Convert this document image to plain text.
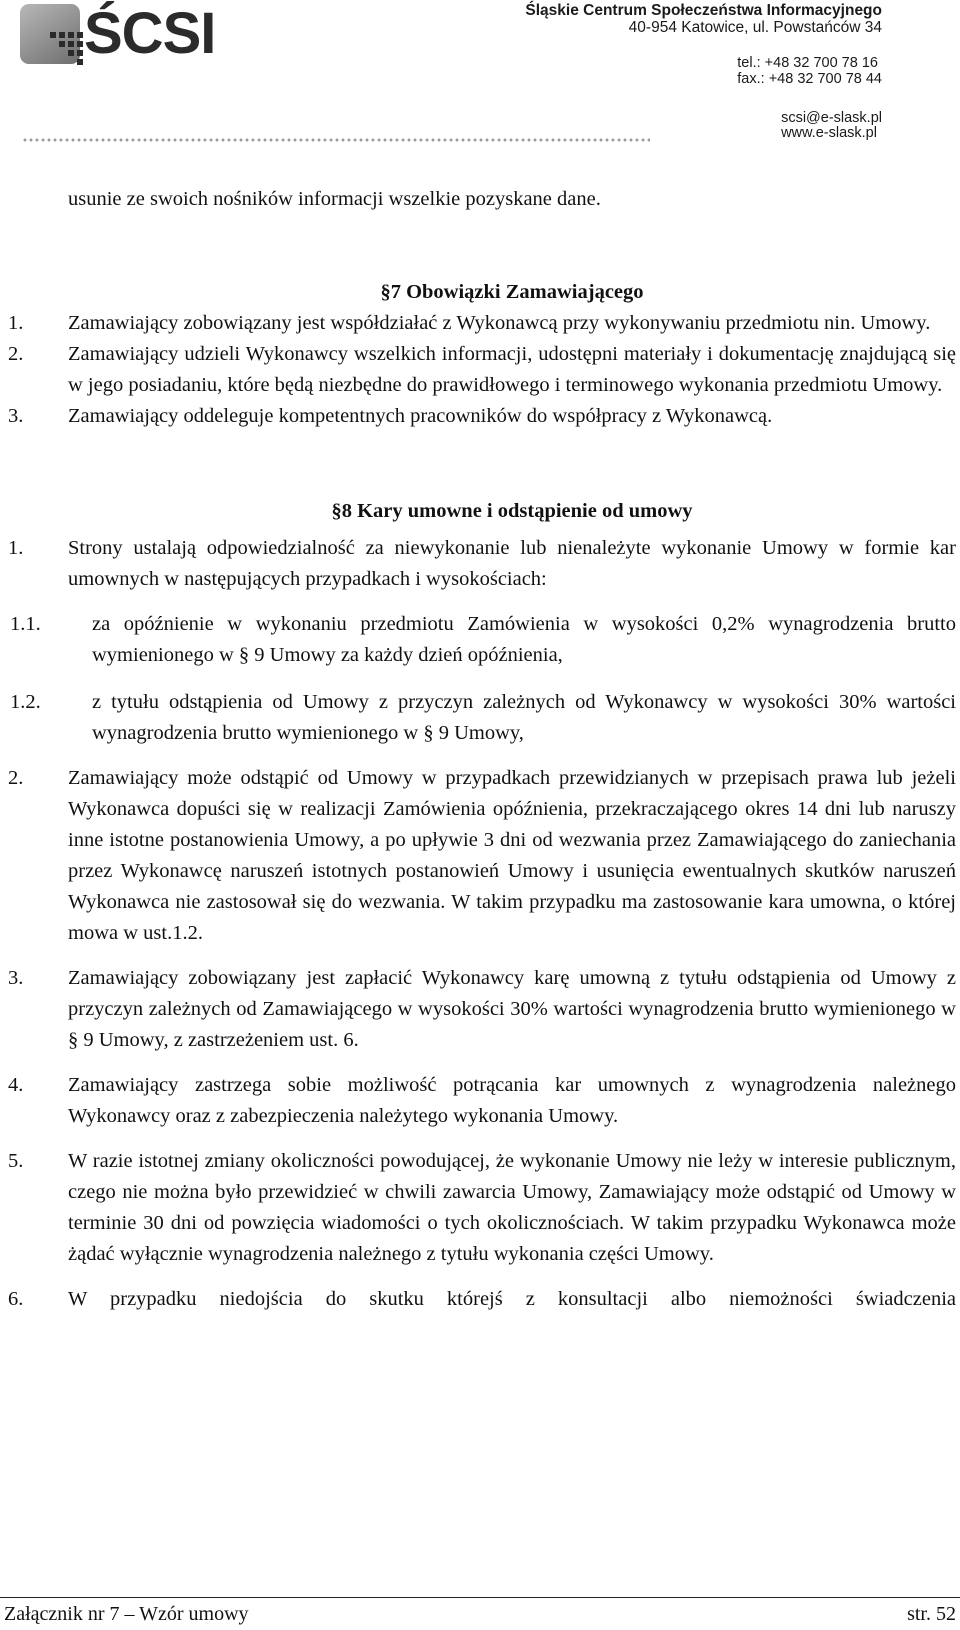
ŚCSI	Śląskie Centrum Społeczeństwa Informacyjnego
40-954 Katowice, ul. Powstańców 34
tel.: +48 32 700 78 16
fax.: +48 32 700 78 44
scsi@e-slask.pl
www.e-slask.pl

usunie ze swoich nośników informacji wszelkie pozyskane dane.

§7 Obowiązki Zamawiającego

1.	Zamawiający zobowiązany jest współdziałać z Wykonawcą przy wykonywaniu przedmiotu nin. Umowy.
2.	Zamawiający udzieli Wykonawcy wszelkich informacji, udostępni materiały i dokumentację znajdującą się w jego posiadaniu, które będą niezbędne do prawidłowego i terminowego wykonania przedmiotu Umowy.
3.	Zamawiający oddeleguje kompetentnych pracowników do współpracy z Wykonawcą.

§8 Kary umowne i odstąpienie od umowy

1.	Strony ustalają odpowiedzialność za niewykonanie lub nienależyte wykonanie Umowy w formie kar umownych w następujących przypadkach i wysokościach:
1.1.	za opóźnienie w wykonaniu przedmiotu Zamówienia w wysokości 0,2% wynagrodzenia brutto wymienionego w § 9 Umowy za każdy dzień opóźnienia,
1.2.	z tytułu odstąpienia od Umowy z przyczyn zależnych od Wykonawcy w wysokości 30% wartości wynagrodzenia brutto wymienionego w § 9 Umowy,
2.	Zamawiający może odstąpić od Umowy w przypadkach przewidzianych w przepisach prawa lub jeżeli Wykonawca dopuści się w realizacji Zamówienia opóźnienia, przekraczającego okres 14 dni lub naruszy inne istotne postanowienia Umowy, a po upływie 3 dni od wezwania przez Zamawiającego do zaniechania przez Wykonawcę naruszeń istotnych postanowień Umowy i usunięcia ewentualnych skutków naruszeń Wykonawca nie zastosował się do wezwania. W takim przypadku ma zastosowanie kara umowna, o której mowa w ust.1.2.
3.	Zamawiający zobowiązany jest zapłacić Wykonawcy karę umowną z tytułu odstąpienia od Umowy z przyczyn zależnych od Zamawiającego w wysokości 30% wartości wynagrodzenia brutto wymienionego w § 9 Umowy, z zastrzeżeniem ust. 6.
4.	Zamawiający zastrzega sobie możliwość potrącania kar umownych z wynagrodzenia należnego Wykonawcy oraz z zabezpieczenia należytego wykonania Umowy.
5.	W razie istotnej zmiany okoliczności powodującej, że wykonanie Umowy nie leży w interesie publicznym, czego nie można było przewidzieć w chwili zawarcia Umowy, Zamawiający może odstąpić od Umowy w terminie 30 dni od powzięcia wiadomości o tych okolicznościach. W takim przypadku Wykonawca może żądać wyłącznie wynagrodzenia należnego z tytułu wykonania części Umowy.
6.	W przypadku niedojścia do skutku którejś z konsultacji albo niemożności świadczenia
Załącznik nr 7 – Wzór umowy	str. 52
